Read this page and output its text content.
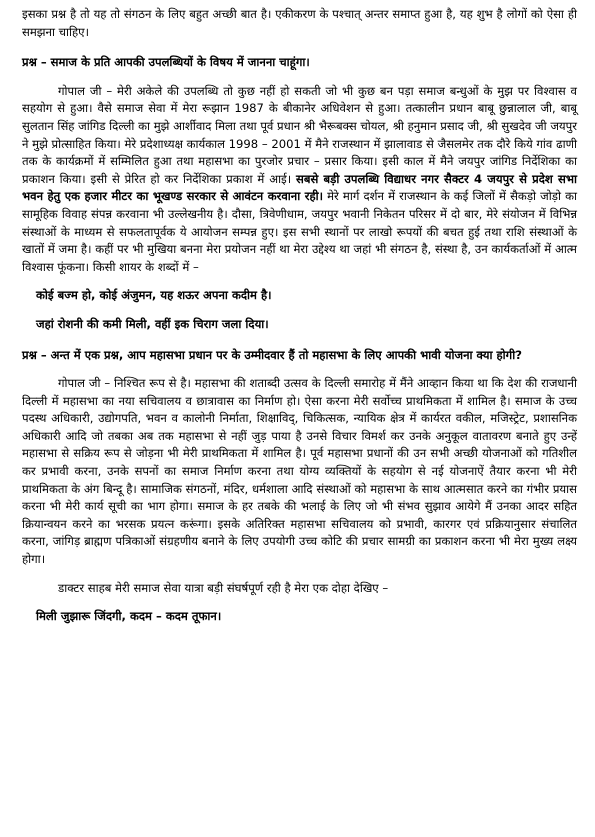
इसका प्रश्न है तो यह तो संगठन के लिए बहुत अच्छी बात है। एकीकरण के पश्चात् अन्तर समाप्त हुआ है, यह शुभ है लोगों को ऐसा ही समझना चाहिए।

प्रश्न – समाज के प्रति आपकी उपलब्धियों के विषय में जानना चाहूंगा।

गोपाल जी – मेरी अकेले की उपलब्धि तो कुछ नहीं हो सकती जो भी कुछ बन पड़ा समाज बन्धुओं के मुझ पर विश्वास व सहयोग से हुआ। वैसे समाज सेवा में मेरा रूझान 1987 के बीकानेर अधिवेशन से हुआ। तत्कालीन प्रधान बाबू छुन्नालाल जी, बाबू सुलतान सिंह जांगिड दिल्ली का मुझे आर्शीवाद मिला तथा पूर्व प्रधान श्री भैरूबक्स चोयल, श्री हनुमान प्रसाद जी, श्री सुखदेव जी जयपुर ने मुझे प्रोत्साहित किया। मेरे प्रदेशाध्यक्ष कार्यकाल 1998 – 2001 में मैने राजस्थान में झालावाड से जैसलमेर तक दौरे किये गांव ढाणी तक के कार्यक्रमों में सम्मिलित हुआ तथा महासभा का पुरजोर प्रचार – प्रसार किया। इसी काल में मैने जयपुर जांगिड निर्देशिका का प्रकाशन किया। इसी से प्रेरित हो कर निर्देशिका प्रकाश में आई। सबसे बड़ी उपलब्धि विद्याधर नगर सैक्टर 4 जयपुर से प्रदेश सभा भवन हेतु एक हजार मीटर का भूखण्ड सरकार से आवंटन करवाना रही। मेरे मार्ग दर्शन में राजस्थान के कई जिलों में सैकड़ो जोड़ो का सामूहिक विवाह संपन्न करवाना भी उल्लेखनीय है। दौसा, त्रिवेणीधाम, जयपुर भवानी निकेतन परिसर में दो बार, मेरे संयोजन में विभिन्न संस्थाओं के माध्यम से सफलतापूर्वक ये आयोजन सम्पन्न हुए। इस सभी स्थानों पर लाखो रूपयों की बचत हुई तथा राशि संस्थाओं के खातों में जमा है। कहीं पर भी मुखिया बनना मेरा प्रयोजन नहीं था मेरा उद्देश्य था जहां भी संगठन है, संस्था है, उन कार्यकर्ताओं में आत्म विश्वास फूंकना। किसी शायर के शब्दों में –

कोई बज्म हो, कोई अंजुमन, यह शऊर अपना कदीम है।

जहां रोशनी की कमी मिली, वहीं इक चिराग जला दिया।

प्रश्न – अन्त में एक प्रश्न, आप महासभा प्रधान पर के उम्मीदवार हैं तो महासभा के लिए आपकी भावी योजना क्या होगी?

गोपाल जी – निश्चित रूप से है। महासभा की शताब्दी उत्सव के दिल्ली समारोह में मैंने आव्हान किया था कि देश की राजधानी दिल्ली में महासभा का नया सचिवालय व छात्रावास का निर्माण हो। ऐसा करना मेरी सर्वोच्च प्राथमिकता में शामिल है। समाज के उच्च पदस्थ अधिकारी, उद्योगपति, भवन व कालोनी निर्माता, शिक्षाविद्, चिकित्सक, न्यायिक क्षेत्र में कार्यरत वकील, मजिस्ट्रेट, प्रशासनिक अधिकारी आदि जो तबका अब तक महासभा से नहीं जुड़ पाया है उनसे विचार विमर्श कर उनके अनुकूल वातावरण बनाते हुए उन्हें महासभा से सक्रिय रूप से जोड़ना भी मेरी प्राथमिकता में शामिल है। पूर्व महासभा प्रधानों की उन सभी अच्छी योजनाओं को गतिशील कर प्रभावी करना, उनके सपनों का समाज निर्माण करना तथा योग्य व्यक्तियों के सहयोग से नई योजनाऐं तैयार करना भी मेरी प्राथमिकता के अंग बिन्दू है। सामाजिक संगठनों, मंदिर, धर्मशाला आदि संस्थाओं को महासभा के साथ आत्मसात करने का गंभीर प्रयास करना भी मेरी कार्य सूची का भाग होगा। समाज के हर तबके की भलाई के लिए जो भी संभव सुझाव आयेगे मैं उनका आदर सहित क्रियान्वयन करने का भरसक प्रयत्न करूंगा। इसके अतिरिक्त महासभा सचिवालय को प्रभावी, कारगर एवं प्रक्रियानुसार संचालित करना, जांगिड़ ब्राह्मण पत्रिकाओं संग्रहणीय बनाने के लिए उपयोगी उच्च कोटि की प्रचार सामग्री का प्रकाशन करना भी मेरा मुख्य लक्ष्य होगा।

डाक्टर साहब मेरी समाज सेवा यात्रा बड़ी संघर्षपूर्ण रही है मेरा एक दोहा देखिए –

मिली जुझारू जिंदगी, कदम – कदम तूफान।
